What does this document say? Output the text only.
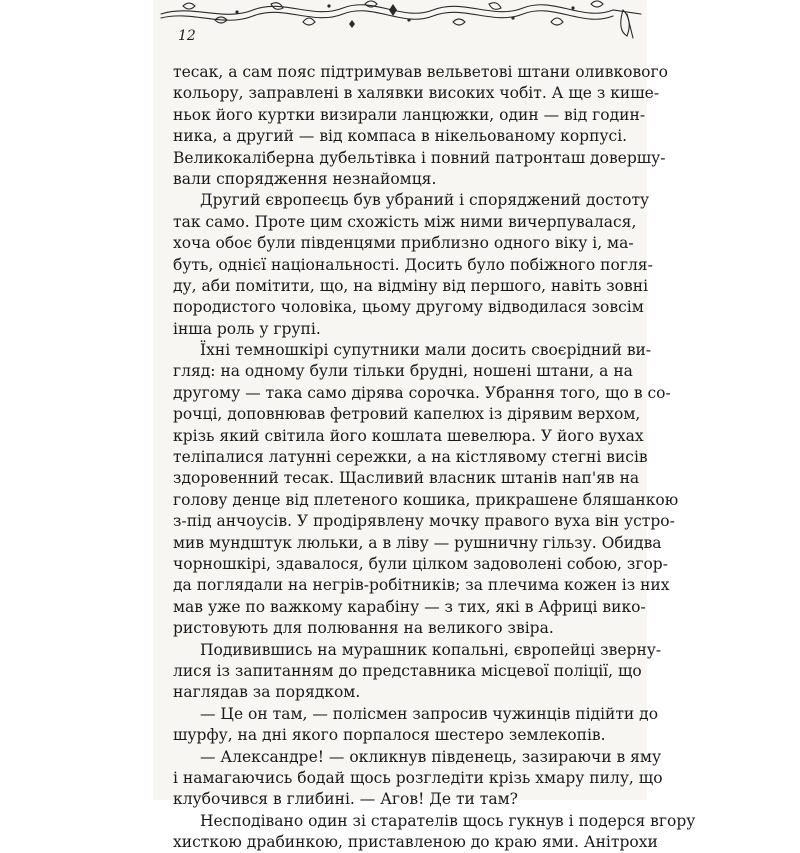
12

тесак, а сам пояс підтримував вельветові штани оливкового
кольору, заправлені в халявки високих чобіт. А ще з кише-
ньок його куртки визирали ланцюжки, один — від годин-
ника, а другий — від компаса в нікельованому корпусі.
Великокаліберна дубельтівка і повний патронташ довершу-
вали спорядження незнайомця.
Другий європеєць був убраний і споряджений достоту
так само. Проте цим схожість між ними вичерпувалася,
хоча обоє були південцями приблизно одного віку і, ма-
буть, однієї національності. Досить було побіжного погля-
ду, аби помітити, що, на відміну від першого, навіть зовні
породистого чоловіка, цьому другому відводилася зовсім
інша роль у групі.
Їхні темношкірі супутники мали досить своєрідний ви-
гляд: на одному були тільки брудні, ношені штани, а на
другому — така само дірява сорочка. Убрання того, що в со-
рочці, доповнював фетровий капелюх із дірявим верхом,
крізь який світила його кошлата шевелюра. У його вухах
теліпалися латунні сережки, а на кістлявому стегні висів
здоровенний тесак. Щасливий власник штанів нап'яв на
голову денце від плетеного кошика, прикрашене бляшанкою
з-під анчоусів. У продірявлену мочку правого вуха він устро-
мив мундштук люльки, а в ліву — рушничну гільзу. Обидва
чорношкірі, здавалося, були цілком задоволені собою, згор-
да поглядали на негрів-робітників; за плечима кожен із них
мав уже по важкому карабіну — з тих, які в Африці вико-
ристовують для полювання на великого звіра.
Подивившись на мурашник копальні, європейці зверну-
лися із запитанням до представника місцевої поліції, що
наглядав за порядком.
— Це он там, — полісмен запросив чужинців підійти до
шурфу, на дні якого порпалося шестеро землекопів.
— Александре! — окликнув південець, зазираючи в яму
і намагаючись бодай щось розгледіти крізь хмару пилу, що
клубочився в глибині. — Агов! Де ти там?
Несподівано один зі старателів щось гукнув і подерся вгору
хисткою драбинкою, приставленою до краю ями. Анітрохи
